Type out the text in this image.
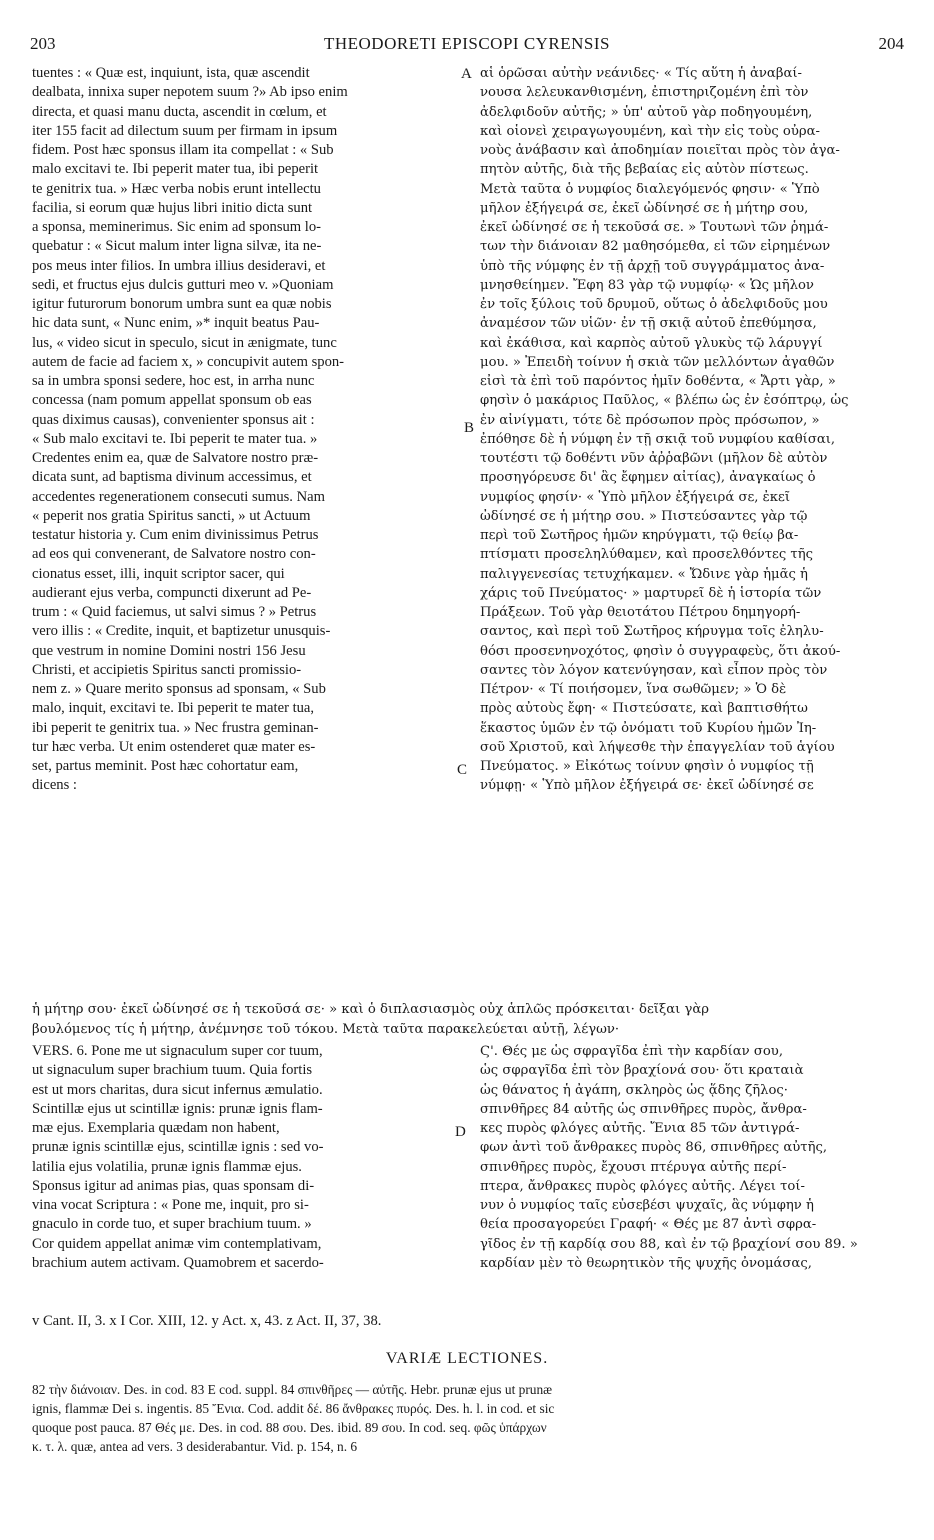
203	THEODORETI EPISCOPI CYRENSIS	204
tuentes : « Quæ est, inquiunt, ista, quæ ascendit
dealbata, innixa super nepotem suum ?» Ab ipso enim
directa, et quasi manu ducta, ascendit in cœlum, et
iter 155 facit ad dilectum suum per firmam in ipsum
fidem. Post hæc sponsus illam ita compellat : « Sub
malo excitavi te. Ibi peperit mater tua, ibi peperit
te genitrix tua. » Hæc verba nobis erunt intellectu
facilia, si eorum quæ hujus libri initio dicta sunt
a sponsa, meminerimus. Sic enim ad sponsum lo-
quebatur : « Sicut malum inter ligna silvæ, ita ne-
pos meus inter filios. In umbra illius desideravi, et
sedi, et fructus ejus dulcis gutturi meo v. »Quoniam
igitur futurorum bonorum umbra sunt ea quæ nobis
hic data sunt, « Nunc enim, »* inquit beatus Pau-
lus, « video sicut in speculo, sicut in ænigmate, tunc
autem de facie ad faciem x, » concupivit autem spon-
sa in umbra sponsi sedere, hoc est, in arrha nunc
concessa (nam pomum appellat sponsum ob eas
quas diximus causas), convenienter sponsus ait :
« Sub malo excitavi te. Ibi peperit te mater tua. »
Credentes enim ea, quæ de Salvatore nostro præ-
dicata sunt, ad baptisma divinum accessimus, et
accedentes regenerationem consecuti sumus. Nam
« peperit nos gratia Spiritus sancti, » ut Actuum
testatur historia y. Cum enim divinissimus Petrus
ad eos qui convenerant, de Salvatore nostro con-
cionatus esset, illi, inquit scriptor sacer, qui
audierant ejus verba, compuncti dixerunt ad Pe-
trum : « Quid faciemus, ut salvi simus ? » Petrus
vero illis : « Credite, inquit, et baptizetur unusquis-
que vestrum in nomine Domini nostri 156 Jesu
Christi, et accipietis Spiritus sancti promissio-
nem z. » Quare merito sponsus ad sponsam, « Sub
malo, inquit, excitavi te. Ibi peperit te mater tua,
ibi peperit te genitrix tua. » Nec frustra geminan-
tur hæc verba. Ut enim ostenderet quæ mater es-
set, partus meminit. Post hæc cohortatur eam,
dicens :
αἱ ὁρῶσαι αὐτὴν νεάνιδες· « Τίς αὕτη ἡ ἀναβαί-
νουσα λελευκανθισμένη, ἐπιστηριζομένη ἐπὶ τὸν
ἀδελφιδοῦν αὐτῆς; » ὑπ' αὐτοῦ γὰρ ποδηγουμένη,
καὶ οἱονεὶ χειραγωγουμένη, καὶ τὴν εἰς τοὺς οὐρα-
νοὺς ἀνάβασιν καὶ ἀποδημίαν ποιεῖται πρὸς τὸν ἀγα-
πητὸν αὐτῆς, διὰ τῆς βεβαίας εἰς αὐτὸν πίστεως.
Μετὰ ταῦτα ὁ νυμφίος διαλεγόμενός φησιν· « Ὑπὸ
μῆλον ἐξήγειρά σε, ἐκεῖ ὠδίνησέ σε ἡ μήτηρ σου,
ἐκεῖ ὠδίνησέ σε ἡ τεκοῦσά σε. » Τουτωνὶ τῶν ῥημά-
των τὴν διάνοιαν 82 μαθησόμεθα, εἰ τῶν εἰρημένων
ὑπὸ τῆς νύμφης ἐν τῇ ἀρχῇ τοῦ συγγράμματος ἀνα-
μνησθείημεν. Ἔφη 83 γὰρ τῷ νυμφίῳ· « Ὡς μῆλον
ἐν τοῖς ξύλοις τοῦ δρυμοῦ, οὕτως ὁ ἀδελφιδοῦς μου
ἀναμέσον τῶν υἱῶν· ἐν τῇ σκιᾷ αὐτοῦ ἐπεθύμησα,
καὶ ἐκάθισα, καὶ καρπὸς αὐτοῦ γλυκὺς τῷ λάρυγγί
μου. » Ἐπειδὴ τοίνυν ἡ σκιὰ τῶν μελλόντων ἀγαθῶν
εἰσὶ τὰ ἐπὶ τοῦ παρόντος ἡμῖν δοθέντα, « Ἄρτι γὰρ, »
φησὶν ὁ μακάριος Παῦλος, « βλέπω ὡς ἐν ἐσόπτρῳ, ὡς
ἐν αἰνίγματι, τότε δὲ πρόσωπον πρὸς πρόσωπον, »
ἐπόθησε δὲ ἡ νύμφη ἐν τῇ σκιᾷ τοῦ νυμφίου καθίσαι,
τουτέστι τῷ δοθέντι νῦν ἀῤῥαβῶνι (μῆλον δὲ αὐτὸν
προσηγόρευσε δι' ἃς ἔφημεν αἰτίας), ἀναγκαίως ὁ
νυμφίος φησίν· « Ὑπὸ μῆλον ἐξήγειρά σε, ἐκεῖ
ὠδίνησέ σε ἡ μήτηρ σου. » Πιστεύσαντες γὰρ τῷ
περὶ τοῦ Σωτῆρος ἡμῶν κηρύγματι, τῷ θείῳ βα-
πτίσματι προσεληλύθαμεν, καὶ προσελθόντες τῆς
παλιγγενεσίας τετυχήκαμεν. « Ὤδινε γὰρ ἡμᾶς ἡ
χάρις τοῦ Πνεύματος· » μαρτυρεῖ δὲ ἡ ἱστορία τῶν
Πράξεων. Τοῦ γὰρ θειοτάτου Πέτρου δημηγορή-
σαντος, καὶ περὶ τοῦ Σωτῆρος κήρυγμα τοῖς ἐληλυ-
θόσι προσενηνοχότος, φησὶν ὁ συγγραφεὺς, ὅτι ἀκού-
σαντες τὸν λόγον κατενύγησαν, καὶ εἶπον πρὸς τὸν
Πέτρον· « Τί ποιήσομεν, ἵνα σωθῶμεν; » Ὁ δὲ
πρὸς αὐτοὺς ἔφη· « Πιστεύσατε, καὶ βαπτισθήτω
ἕκαστος ὑμῶν ἐν τῷ ὀνόματι τοῦ Κυρίου ἡμῶν Ἰη-
σοῦ Χριστοῦ, καὶ λήψεσθε τὴν ἐπαγγελίαν τοῦ ἁγίου
Πνεύματος. » Εἰκότως τοίνυν φησὶν ὁ νυμφίος τῇ
νύμφῃ· « Ὑπὸ μῆλον ἐξήγειρά σε· ἐκεῖ ὠδίνησέ σε
A
B
C
D
ἡ μήτηρ σου· ἐκεῖ ὠδίνησέ σε ἡ τεκοῦσά σε· » καὶ ὁ διπλασιασμὸς οὐχ ἁπλῶς πρόσκειται· δεῖξαι γὰρ
βουλόμενος τίς ἡ μήτηρ, ἀνέμνησε τοῦ τόκου. Μετὰ ταῦτα παρακελεύεται αὐτῇ, λέγων·
VERS. 6. Pone me ut signaculum super cor tuum,
ut signaculum super brachium tuum. Quia fortis
est ut mors charitas, dura sicut infernus æmulatio.
Scintillæ ejus ut scintillæ ignis: prunæ ignis flam-
mæ ejus. Exemplaria quædam non habent,
prunæ ignis scintillæ ejus, scintillæ ignis : sed vo-
latilia ejus volatilia, prunæ ignis flammæ ejus.
Sponsus igitur ad animas pias, quas sponsam di-
vina vocat Scriptura : « Pone me, inquit, pro si-
gnaculo in corde tuo, et super brachium tuum. »
Cor quidem appellat animæ vim contemplativam,
brachium autem activam. Quamobrem et sacerdo-
Ϛ'. Θές με ὡς σφραγῖδα ἐπὶ τὴν καρδίαν σου,
ὡς σφραγῖδα ἐπὶ τὸν βραχίονά σου· ὅτι κραταιὰ
ὡς θάνατος ἡ ἀγάπη, σκληρὸς ὡς ᾅδης ζῆλος·
σπινθῆρες 84 αὐτῆς ὡς σπινθῆρες πυρὸς, ἄνθρα-
κες πυρὸς φλόγες αὐτῆς. Ἔνια 85 τῶν ἀντιγρά-
φων ἀντὶ τοῦ ἄνθρακες πυρὸς 86, σπινθῆρες αὐτῆς,
σπινθῆρες πυρὸς, ἔχουσι πτέρυγα αὐτῆς περί-
πτερα, ἄνθρακες πυρὸς φλόγες αὐτῆς. Λέγει τοί-
νυν ὁ νυμφίος ταῖς εὐσεβέσι ψυχαῖς, ἃς νύμφην ἡ
θεία προσαγορεύει Γραφή· « Θές με 87 ἀντὶ σφρα-
γῖδος ἐν τῇ καρδίᾳ σου 88, καὶ ἐν τῷ βραχίονί σου 89. »
καρδίαν μὲν τὸ θεωρητικὸν τῆς ψυχῆς ὀνομάσας,
v Cant. II, 3. x I Cor. XIII, 12. y Act. x, 43. z Act. II, 37, 38.
VARIÆ LECTIONES.
82 τὴν διάνοιαν. Des. in cod. 83 E cod. suppl. 84 σπινθῆρες — αὐτῆς. Hebr. prunæ ejus ut prunæ
ignis, flammæ Dei s. ingentis. 85 Ἔνια. Cod. addit δέ. 86 ἄνθρακες πυρός. Des. h. l. in cod. et sic
quoque post pauca. 87 Θές με. Des. in cod. 88 σου. Des. ibid. 89 σου. In cod. seq. φῶς ὑπάρχων
κ. τ. λ. quæ, antea ad vers. 3 desiderabantur. Vid. p. 154, n. 6
